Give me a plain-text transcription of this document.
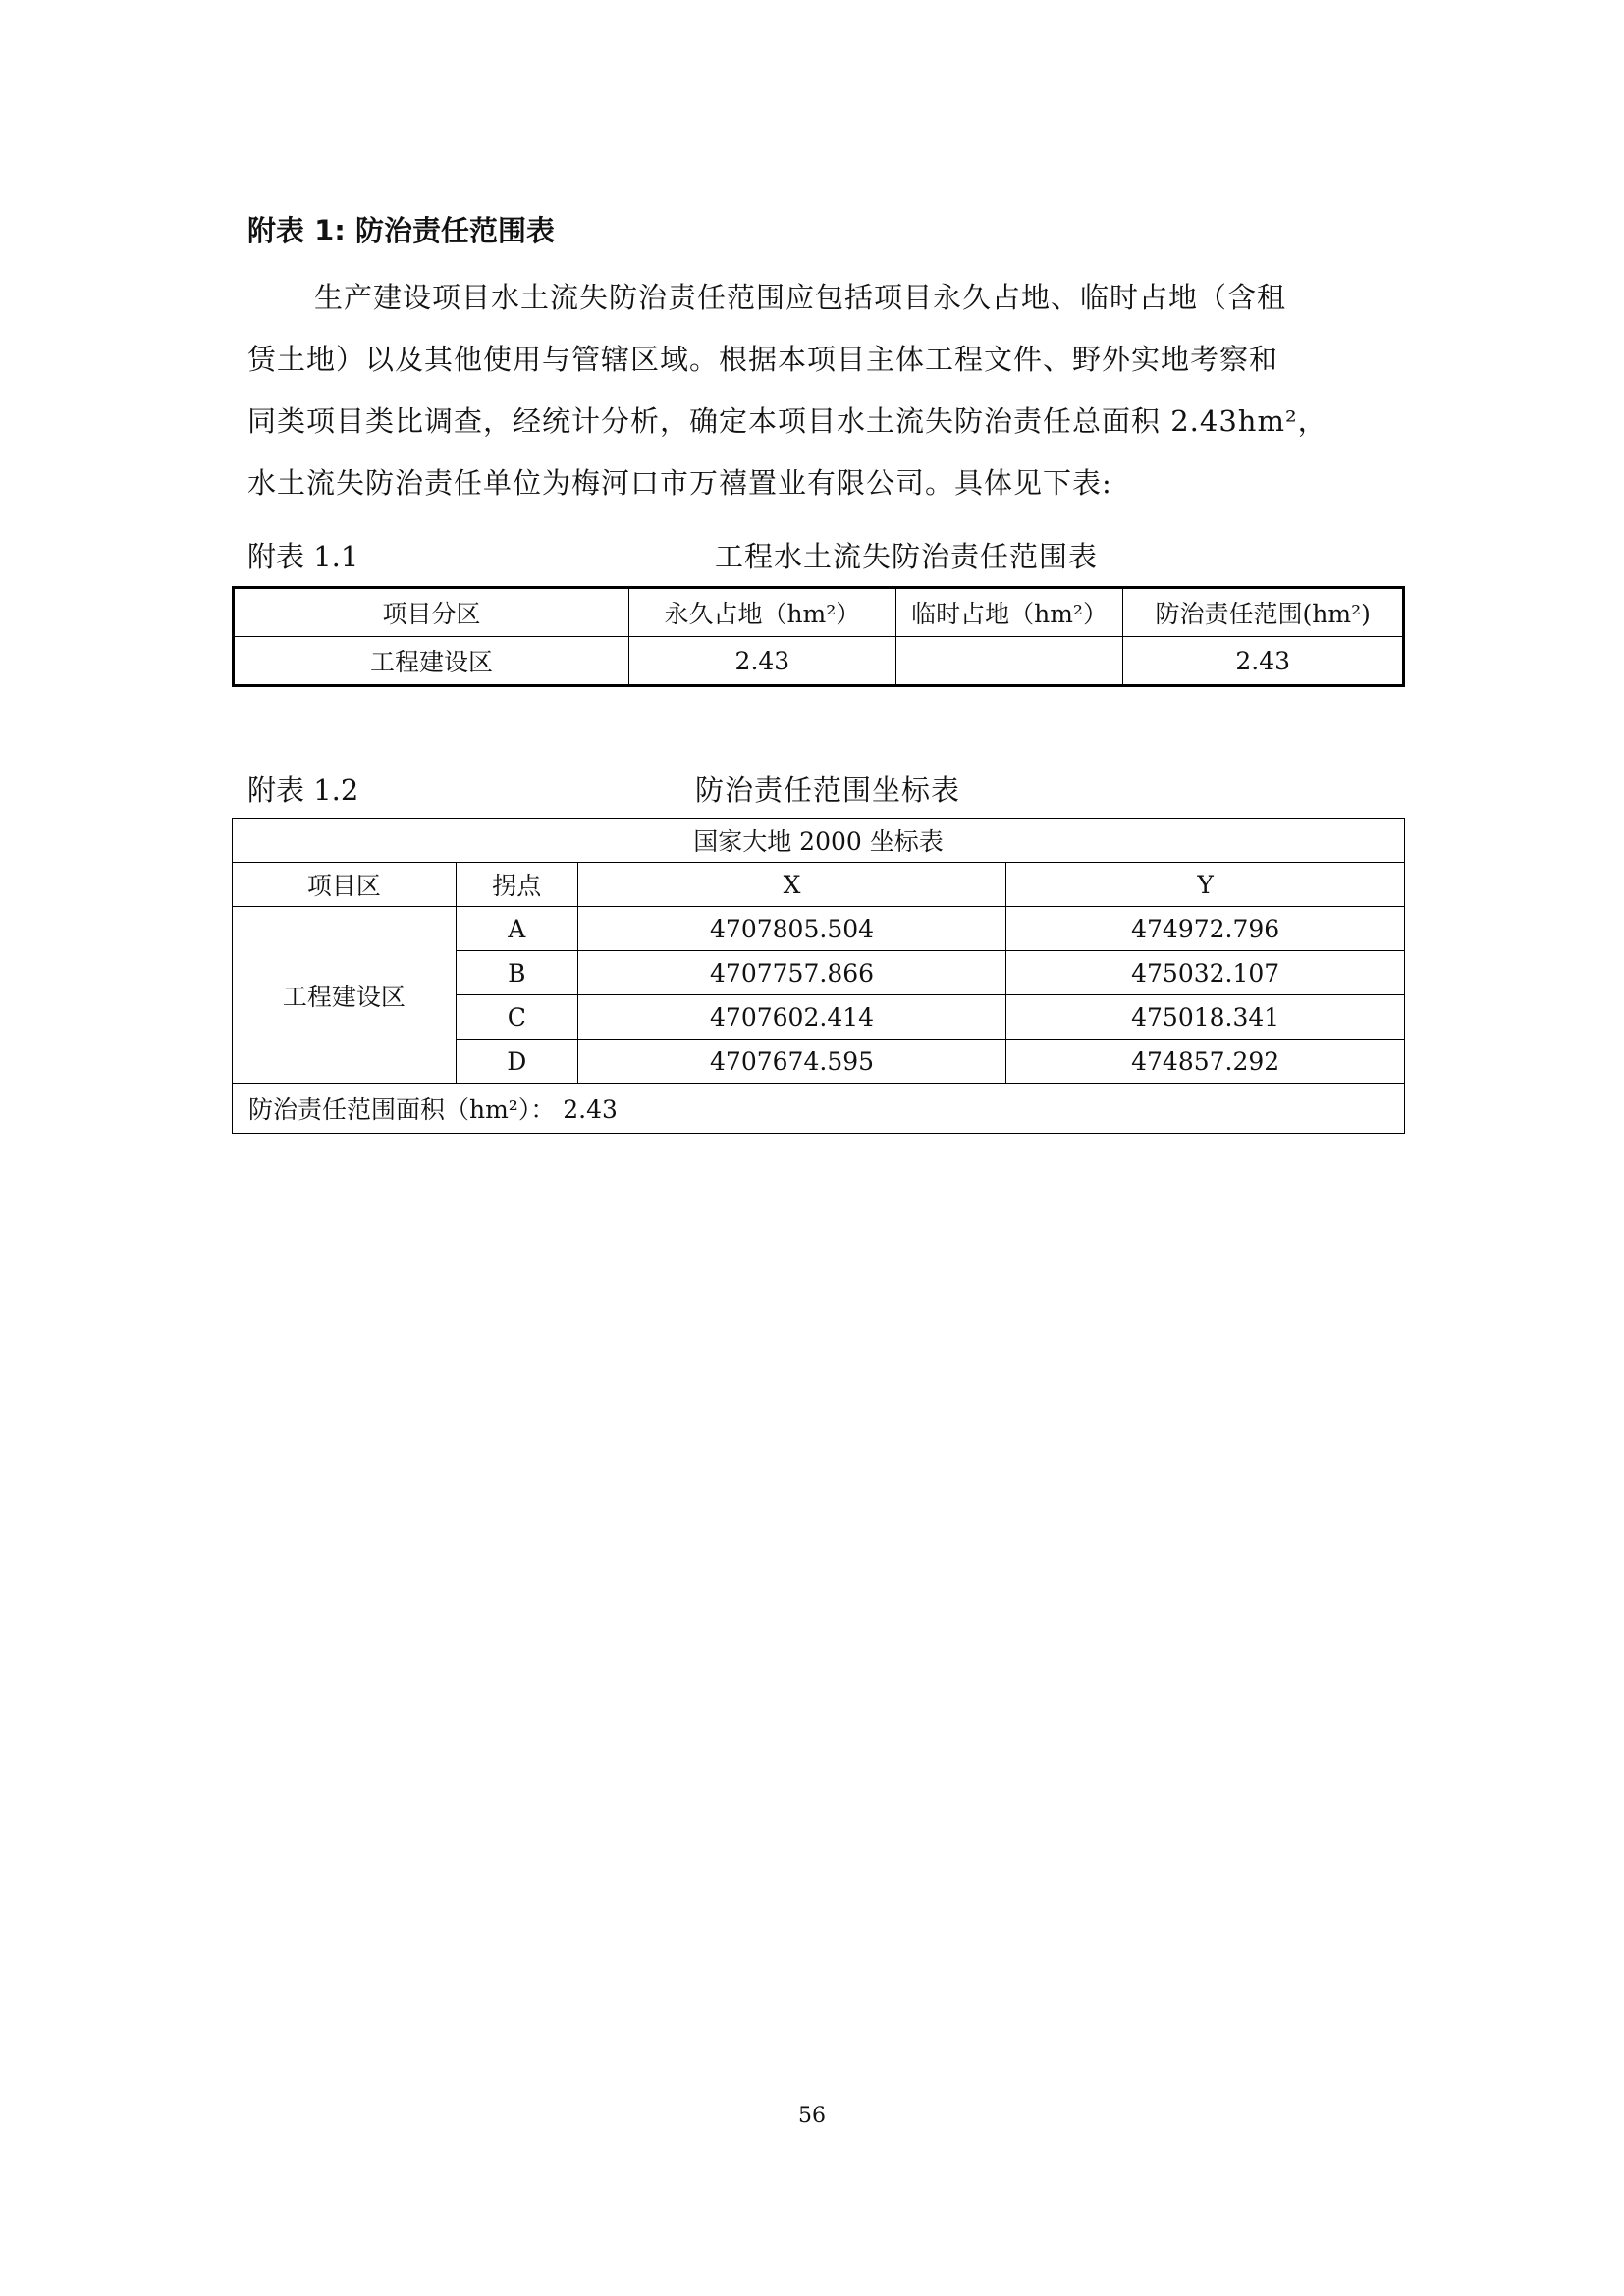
附表 1: 防治责任范围表
生产建设项目水土流失防治责任范围应包括项目永久占地、临时占地（含租
赁土地）以及其他使用与管辖区域。根据本项目主体工程文件、野外实地考察和
同类项目类比调查，经统计分析，确定本项目水土流失防治责任总面积 2.43hm²，
水土流失防治责任单位为梅河口市万禧置业有限公司。具体见下表:
附表 1.1	工程水土流失防治责任范围表
项目分区	永久占地（hm²）	临时占地（hm²）	防治责任范围(hm²)
工程建设区	2.43		2.43
附表 1.2	防治责任范围坐标表
国家大地 2000 坐标表			
项目区	拐点	X	Y
工程建设区	A	4707805.504	474972.796
	B	4707757.866	475032.107
	C	4707602.414	475018.341
	D	4707674.595	474857.292
防治责任范围面积（hm²）： 2.43			
56
